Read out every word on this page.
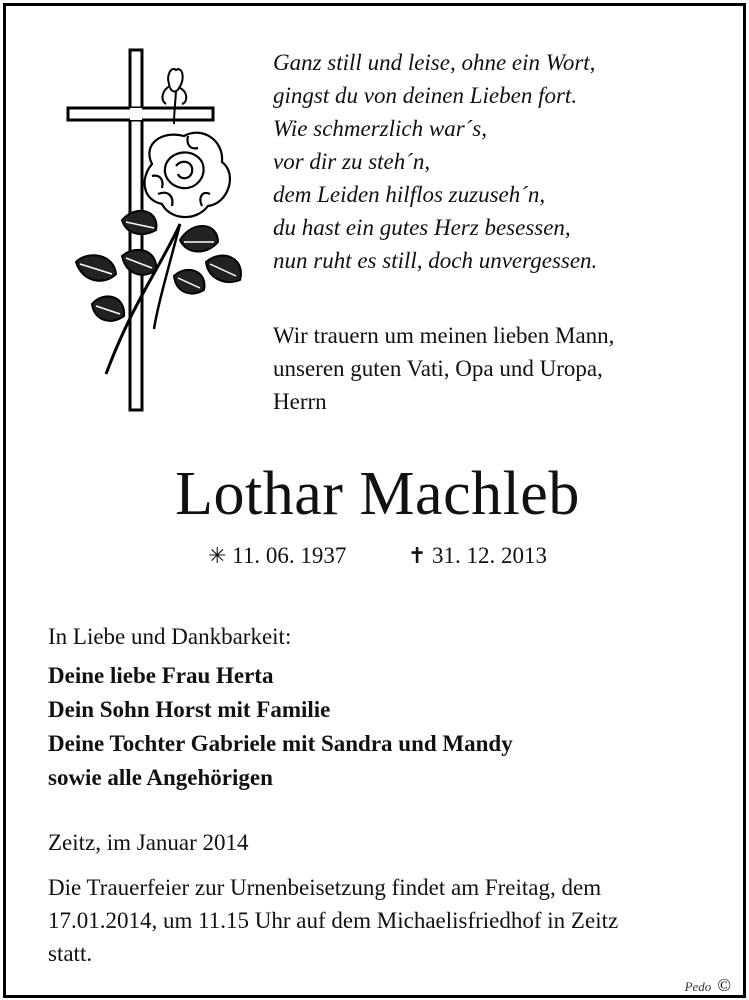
Ganz still und leise, ohne ein Wort,
gingst du von deinen Lieben fort.
Wie schmerzlich war´s,
vor dir zu steh´n,
dem Leiden hilflos zuzuseh´n,
du hast ein gutes Herz besessen,
nun ruht es still, doch unvergessen.
Wir trauern um meinen lieben Mann,
unseren guten Vati, Opa und Uropa,
Herrn
Lothar Machleb
✳ 11. 06. 1937	✝ 31. 12. 2013
In Liebe und Dankbarkeit:
Deine liebe Frau Herta
Dein Sohn Horst mit Familie
Deine Tochter Gabriele mit Sandra und Mandy
sowie alle Angehörigen
Zeitz, im Januar 2014
Die Trauerfeier zur Urnenbeisetzung findet am Freitag, dem
17.01.2014, um 11.15 Uhr auf dem Michaelisfriedhof in Zeitz
statt.
Pedo ©
